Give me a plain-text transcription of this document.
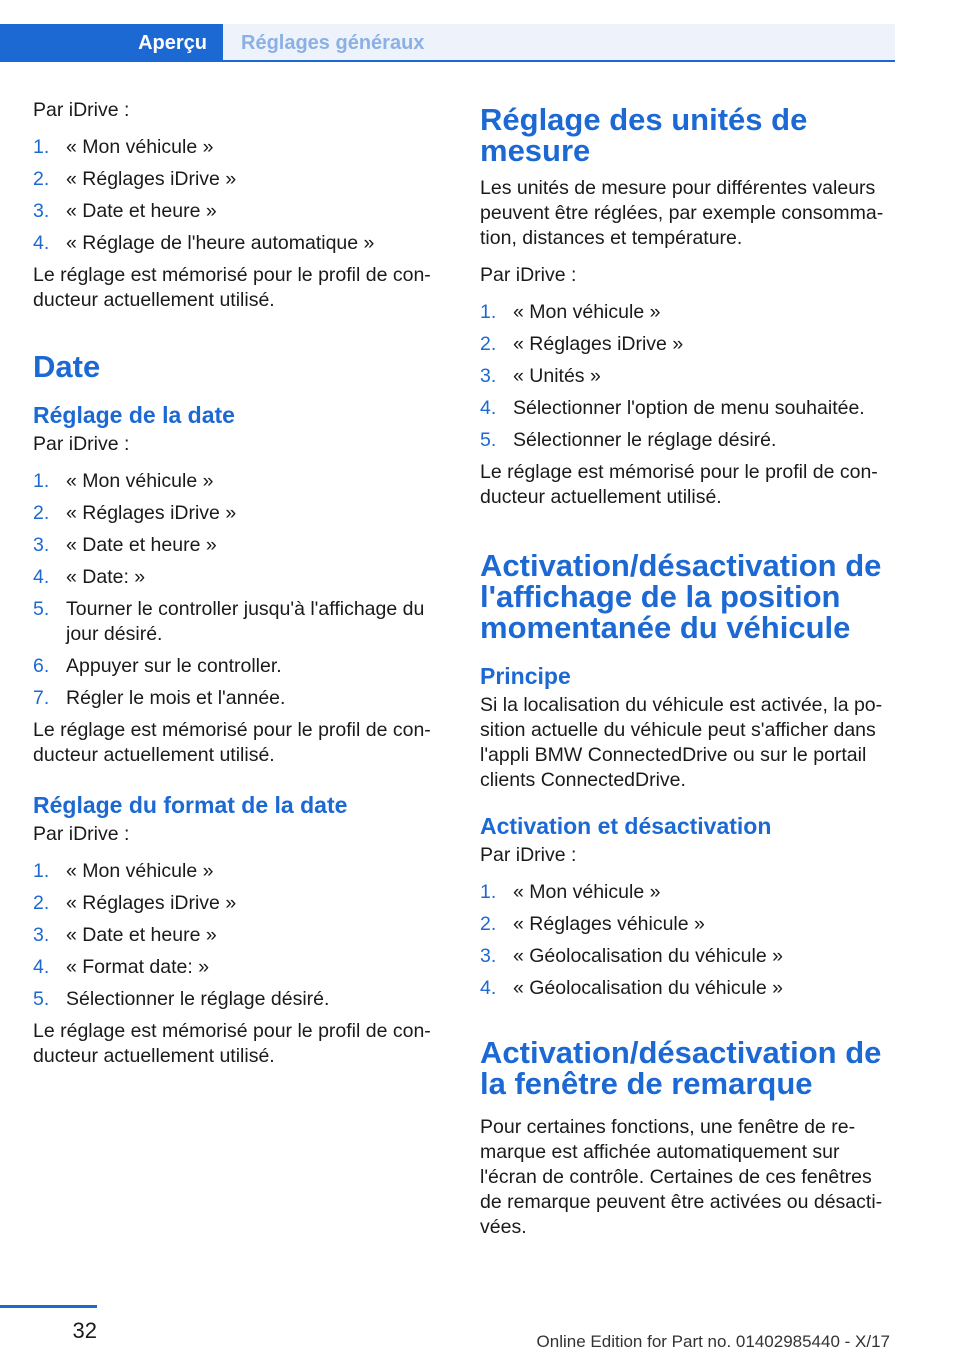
Aperçu	Réglages généraux

Par iDrive :

1. « Mon véhicule »
2. « Réglages iDrive »
3. « Date et heure »
4. « Réglage de l'heure automatique »

Le réglage est mémorisé pour le profil de conducteur actuellement utilisé.

Date
Réglage de la date

Par iDrive :

1. « Mon véhicule »
2. « Réglages iDrive »
3. « Date et heure »
4. « Date: »
5. Tourner le controller jusqu'à l'affichage du jour désiré.
6. Appuyer sur le controller.
7. Régler le mois et l'année.

Le réglage est mémorisé pour le profil de conducteur actuellement utilisé.

Réglage du format de la date

Par iDrive :

1. « Mon véhicule »
2. « Réglages iDrive »
3. « Date et heure »
4. « Format date: »
5. Sélectionner le réglage désiré.

Le réglage est mémorisé pour le profil de conducteur actuellement utilisé.

Réglage des unités de mesure

Les unités de mesure pour différentes valeurs peuvent être réglées, par exemple consommation, distances et température.

Par iDrive :

1. « Mon véhicule »
2. « Réglages iDrive »
3. « Unités »
4. Sélectionner l'option de menu souhaitée.
5. Sélectionner le réglage désiré.

Le réglage est mémorisé pour le profil de conducteur actuellement utilisé.

Activation/désactivation de l'affichage de la position momentanée du véhicule
Principe

Si la localisation du véhicule est activée, la position actuelle du véhicule peut s'afficher dans l'appli BMW ConnectedDrive ou sur le portail clients ConnectedDrive.

Activation et désactivation

Par iDrive :

1. « Mon véhicule »
2. « Réglages véhicule »
3. « Géolocalisation du véhicule »
4. « Géolocalisation du véhicule »
Activation/désactivation de la fenêtre de remarque

Pour certaines fonctions, une fenêtre de remarque est affichée automatiquement sur l'écran de contrôle. Certaines de ces fenêtres de remarque peuvent être activées ou désactivées.

32	Online Edition for Part no. 01402985440 - X/17
